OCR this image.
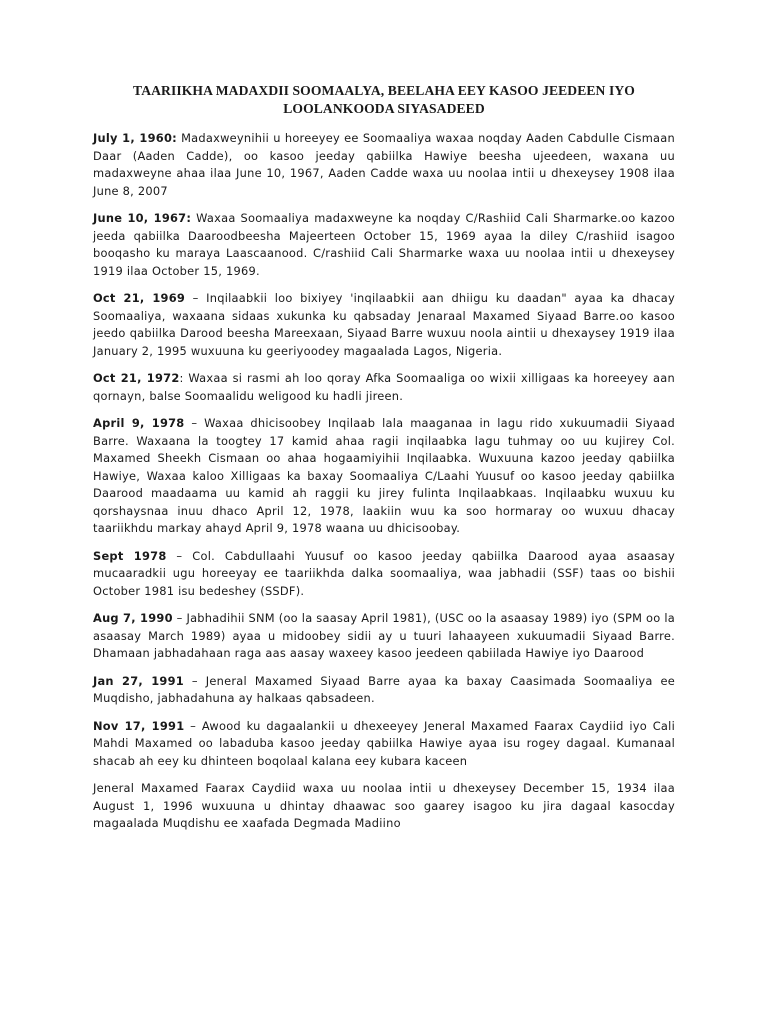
TAARIIKHA MADAXDII SOOMAALYA, BEELAHA EEY KASOO JEEDEEN IYO
LOOLANKOODA SIYASADEED

July 1, 1960: Madaxweynihii u horeeyey ee Soomaaliya waxaa noqday Aaden Cabdulle Cismaan Daar (Aaden Cadde), oo kasoo jeeday qabiilka Hawiye beesha ujeedeen, waxana uu madaxweyne ahaa ilaa June 10, 1967, Aaden Cadde waxa uu noolaa intii u dhexeysey 1908 ilaa June 8, 2007

June 10, 1967: Waxaa Soomaaliya madaxweyne ka noqday C/Rashiid Cali Sharmarke.oo kazoo jeeda qabiilka Daaroodbeesha Majeerteen October 15, 1969 ayaa la diley C/rashiid isagoo booqasho ku maraya Laascaanood. C/rashiid Cali Sharmarke waxa uu noolaa intii u dhexeysey 1919 ilaa October 15, 1969.

Oct 21, 1969 – Inqilaabkii loo bixiyey 'inqilaabkii aan dhiigu ku daadan" ayaa ka dhacay Soomaaliya, waxaana sidaas xukunka ku qabsaday Jenaraal Maxamed Siyaad Barre.oo kasoo jeedo qabiilka Darood beesha Mareexaan, Siyaad Barre wuxuu noola aintii u dhexaysey 1919 ilaa January 2, 1995 wuxuuna ku geeriyoodey magaalada Lagos, Nigeria.

Oct 21, 1972: Waxaa si rasmi ah loo qoray Afka Soomaaliga oo wixii xilligaas ka horeeyey aan qornayn, balse Soomaalidu weligood ku hadli jireen.

April 9, 1978 – Waxaa dhicisoobey Inqilaab lala maaganaa in lagu rido xukuumadii Siyaad Barre. Waxaana la toogtey 17 kamid ahaa ragii inqilaabka lagu tuhmay oo uu kujirey Col. Maxamed Sheekh Cismaan oo ahaa hogaamiyihii Inqilaabka. Wuxuuna kazoo jeeday qabiilka Hawiye, Waxaa kaloo Xilligaas ka baxay Soomaaliya C/Laahi Yuusuf oo kasoo jeeday qabiilka Daarood maadaama uu kamid ah raggii ku jirey fulinta Inqilaabkaas. Inqilaabku wuxuu ku qorshaysnaa inuu dhaco April 12, 1978, laakiin wuu ka soo hormaray oo wuxuu dhacay taariikhdu markay ahayd April 9, 1978 waana uu dhicisoobay.

Sept 1978 – Col. Cabdullaahi Yuusuf oo kasoo jeeday qabiilka Daarood ayaa asaasay mucaaradkii ugu horeeyay ee taariikhda dalka soomaaliya, waa jabhadii (SSF) taas oo bishii October 1981 isu bedeshey (SSDF).

Aug 7, 1990 – Jabhadihii SNM (oo la saasay April 1981), (USC oo la asaasay 1989) iyo (SPM oo la asaasay March 1989) ayaa u midoobey sidii ay u tuuri lahaayeen xukuumadii Siyaad Barre. Dhamaan jabhadahaan raga aas aasay waxeey kasoo jeedeen qabiilada Hawiye iyo Daarood

Jan 27, 1991 – Jeneral Maxamed Siyaad Barre ayaa ka baxay Caasimada Soomaaliya ee Muqdisho, jabhadahuna ay halkaas qabsadeen.

Nov 17, 1991 – Awood ku dagaalankii u dhexeeyey Jeneral Maxamed Faarax Caydiid iyo Cali Mahdi Maxamed oo labaduba kasoo jeeday qabiilka Hawiye ayaa isu rogey dagaal. Kumanaal shacab ah eey ku dhinteen boqolaal kalana eey kubara kaceen

Jeneral Maxamed Faarax Caydiid waxa uu noolaa intii u dhexeysey December 15, 1934 ilaa August 1, 1996 wuxuuna u dhintay dhaawac soo gaarey isagoo ku jira dagaal kasocday magaalada Muqdishu ee xaafada Degmada Madiino
